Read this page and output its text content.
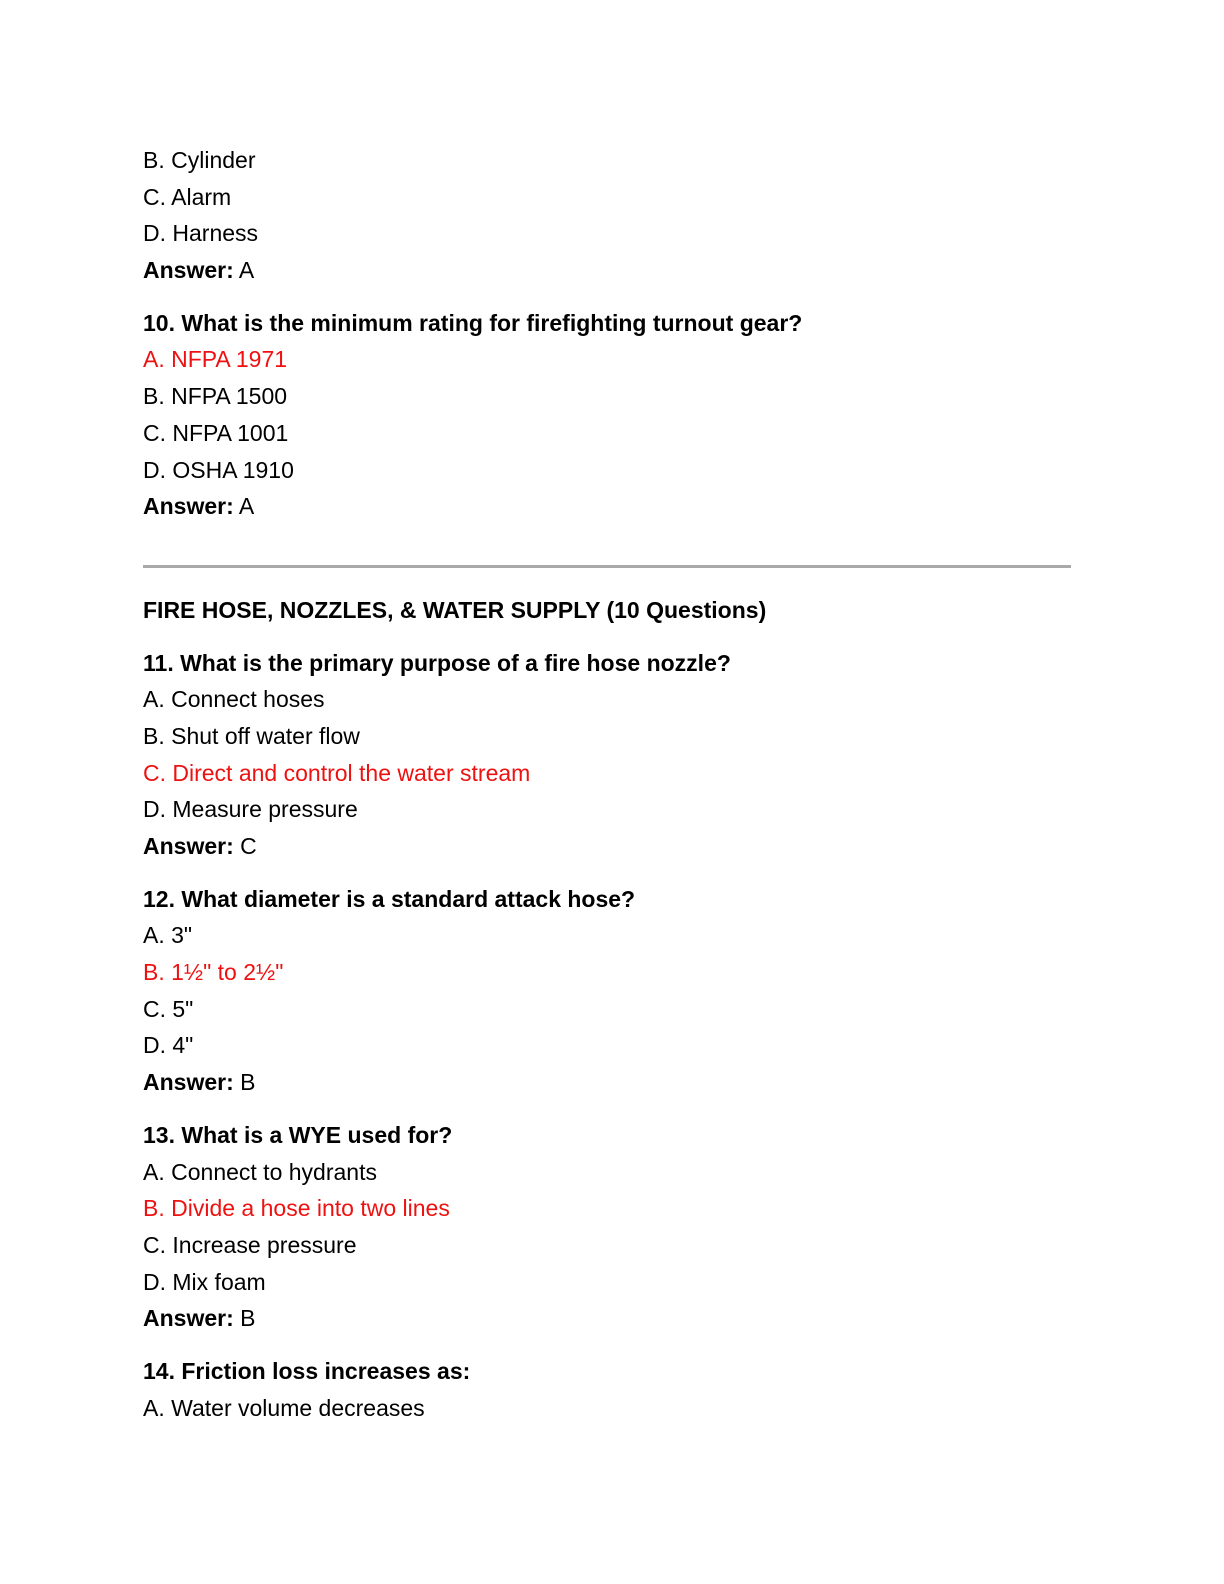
B. Cylinder
C. Alarm
D. Harness
Answer: A
10. What is the minimum rating for firefighting turnout gear?
A. NFPA 1971
B. NFPA 1500
C. NFPA 1001
D. OSHA 1910
Answer: A
FIRE HOSE, NOZZLES, & WATER SUPPLY (10 Questions)
11. What is the primary purpose of a fire hose nozzle?
A. Connect hoses
B. Shut off water flow
C. Direct and control the water stream
D. Measure pressure
Answer: C
12. What diameter is a standard attack hose?
A. 3"
B. 1½" to 2½"
C. 5"
D. 4"
Answer: B
13. What is a WYE used for?
A. Connect to hydrants
B. Divide a hose into two lines
C. Increase pressure
D. Mix foam
Answer: B
14. Friction loss increases as:
A. Water volume decreases
